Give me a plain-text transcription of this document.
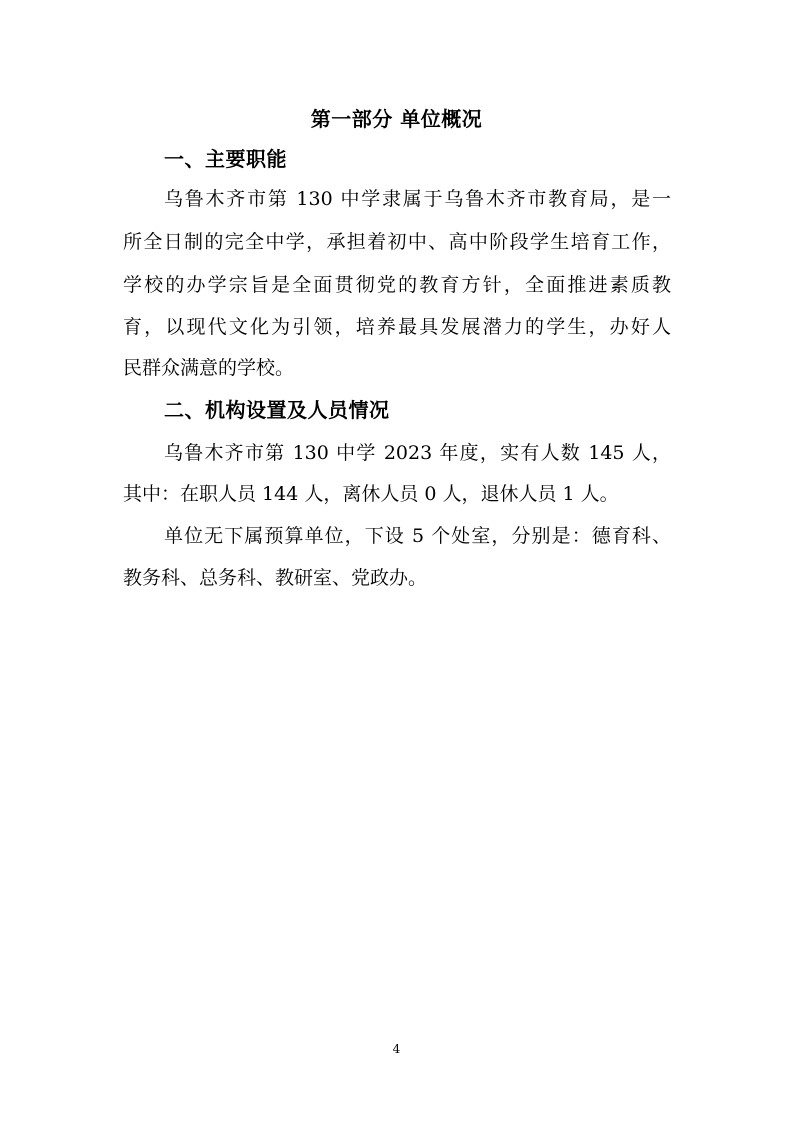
第一部分 单位概况
一、主要职能

乌鲁木齐市第 130 中学隶属于乌鲁木齐市教育局，是一

所全日制的完全中学，承担着初中、高中阶段学生培育工作，

学校的办学宗旨是全面贯彻党的教育方针，全面推进素质教

育，以现代文化为引领，培养最具发展潜力的学生，办好人

民群众满意的学校。

二、机构设置及人员情况

乌鲁木齐市第 130 中学 2023 年度，实有人数 145 人，

其中：在职人员 144 人，离休人员 0 人，退休人员 1 人。

单位无下属预算单位，下设 5 个处室，分别是：德育科、

教务科、总务科、教研室、党政办。

4
